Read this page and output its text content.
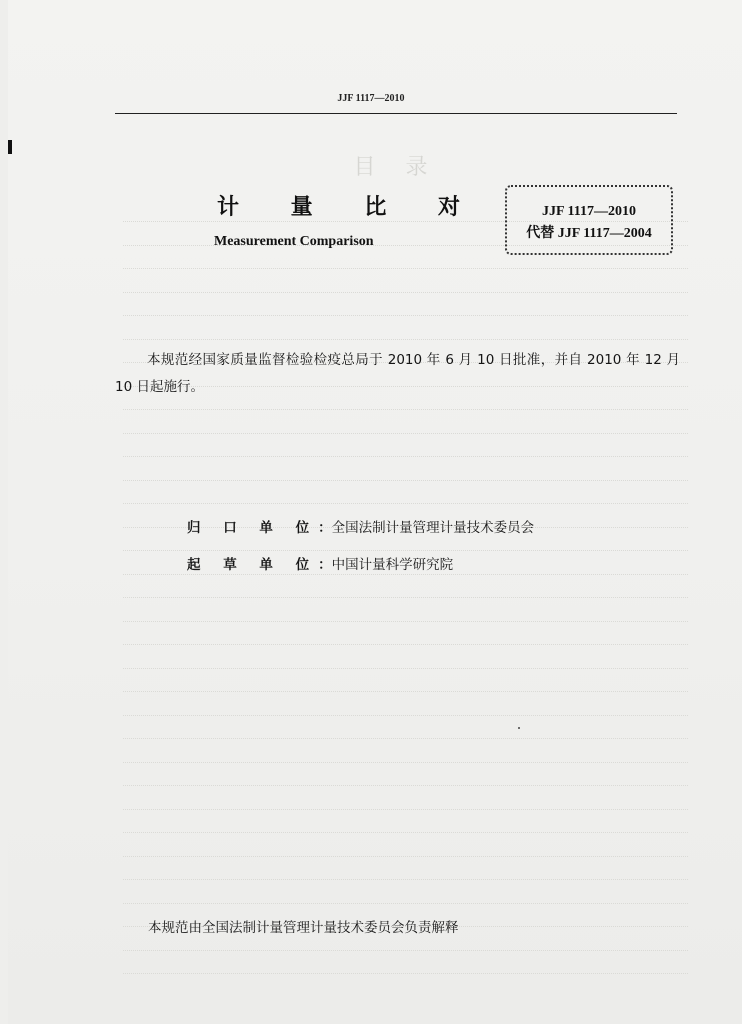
目录
JJF 1117—2010
计 量 比 对
Measurement Comparison
JJF 1117—2010
代替 JJF 1117—2004
本规范经国家质量监督检验检疫总局于 2010 年 6 月 10 日批准，并自 2010 年 12 月 10 日起施行。
归 口 单 位：全国法制计量管理计量技术委员会
起 草 单 位：中国计量科学研究院
本规范由全国法制计量管理计量技术委员会负责解释
